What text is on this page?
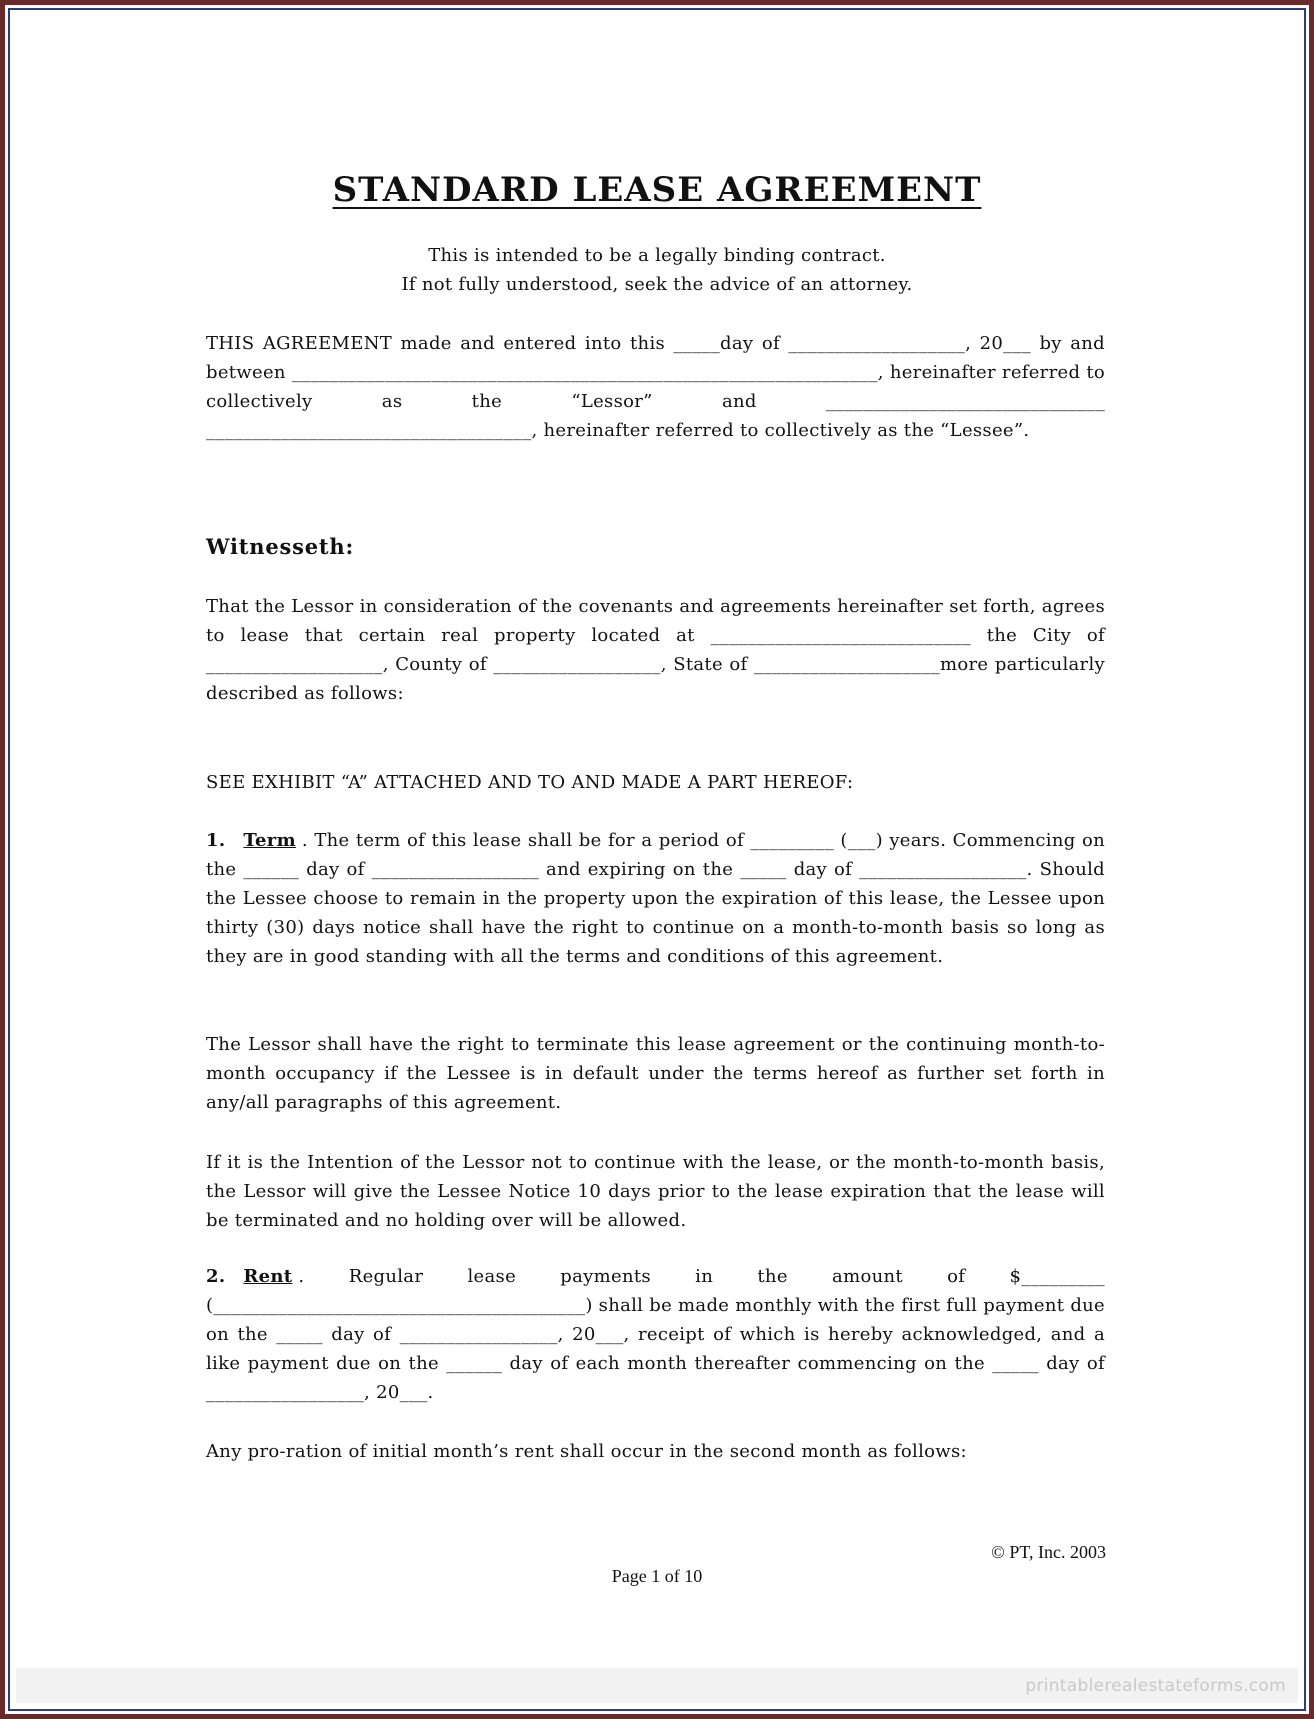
STANDARD LEASE AGREEMENT
This is intended to be a legally binding contract.
If not fully understood, seek the advice of an attorney.
THIS AGREEMENT made and entered into this _____day of ___________________, 20___ by and between _______________________________________________________________, hereinafter referred to collectively as the “Lessor” and ______________________________ ___________________________________, hereinafter referred to collectively as the “Lessee”.
Witnesseth:
That the Lessor in consideration of the covenants and agreements hereinafter set forth, agrees to lease that certain real property located at ____________________________ the City of ___________________, County of __________________, State of ____________________more particularly described as follows:
SEE EXHIBIT “A” ATTACHED AND TO AND MADE A PART HEREOF:
1. Term . The term of this lease shall be for a period of _________ (___) years. Commencing on the ______ day of __________________ and expiring on the _____ day of __________________. Should the Lessee choose to remain in the property upon the expiration of this lease, the Lessee upon thirty (30) days notice shall have the right to continue on a month-to-month basis so long as they are in good standing with all the terms and conditions of this agreement.
The Lessor shall have the right to terminate this lease agreement or the continuing month-to-month occupancy if the Lessee is in default under the terms hereof as further set forth in any/all paragraphs of this agreement.
If it is the Intention of the Lessor not to continue with the lease, or the month-to-month basis, the Lessor will give the Lessee Notice 10 days prior to the lease expiration that the lease will be terminated and no holding over will be allowed.
2. Rent . Regular lease payments in the amount of $_________ (________________________________________) shall be made monthly with the first full payment due on the _____ day of _________________, 20___, receipt of which is hereby acknowledged, and a like payment due on the ______ day of each month thereafter commencing on the _____ day of _________________, 20___.
Any pro-ration of initial month’s rent shall occur in the second month as follows:
© PT, Inc. 2003
Page 1 of 10
printablerealestateforms.com
